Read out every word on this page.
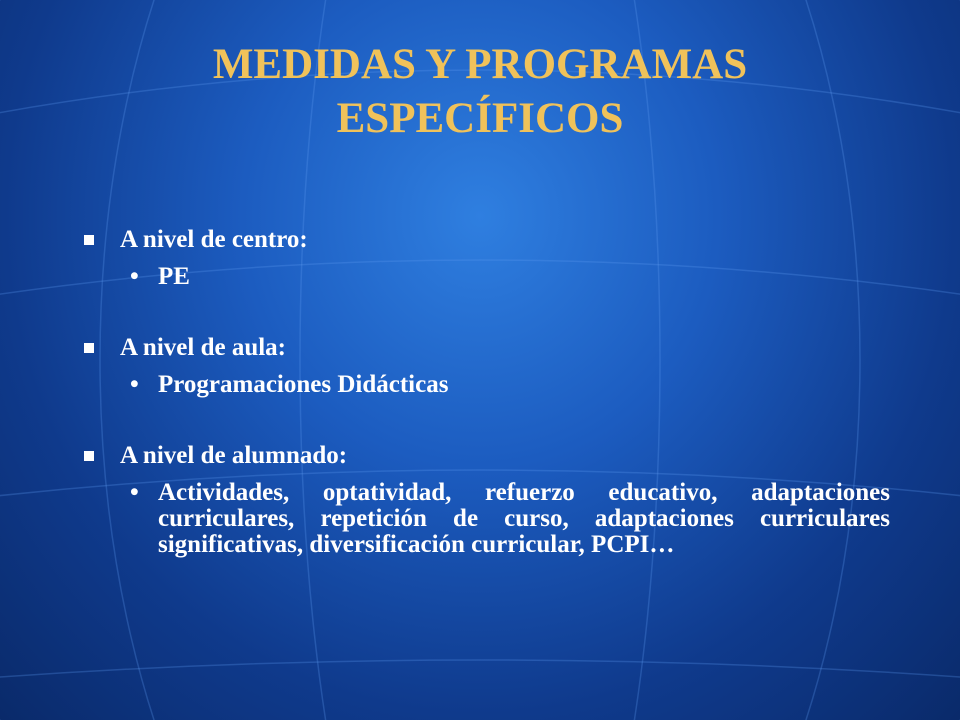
MEDIDAS Y PROGRAMAS
ESPECÍFICOS
A nivel de centro:
• PE
A nivel de aula:
• Programaciones Didácticas
A nivel de alumnado:
• Actividades, optatividad, refuerzo educativo, adaptaciones curriculares, repetición de curso, adaptaciones curriculares significativas, diversificación curricular, PCPI…
